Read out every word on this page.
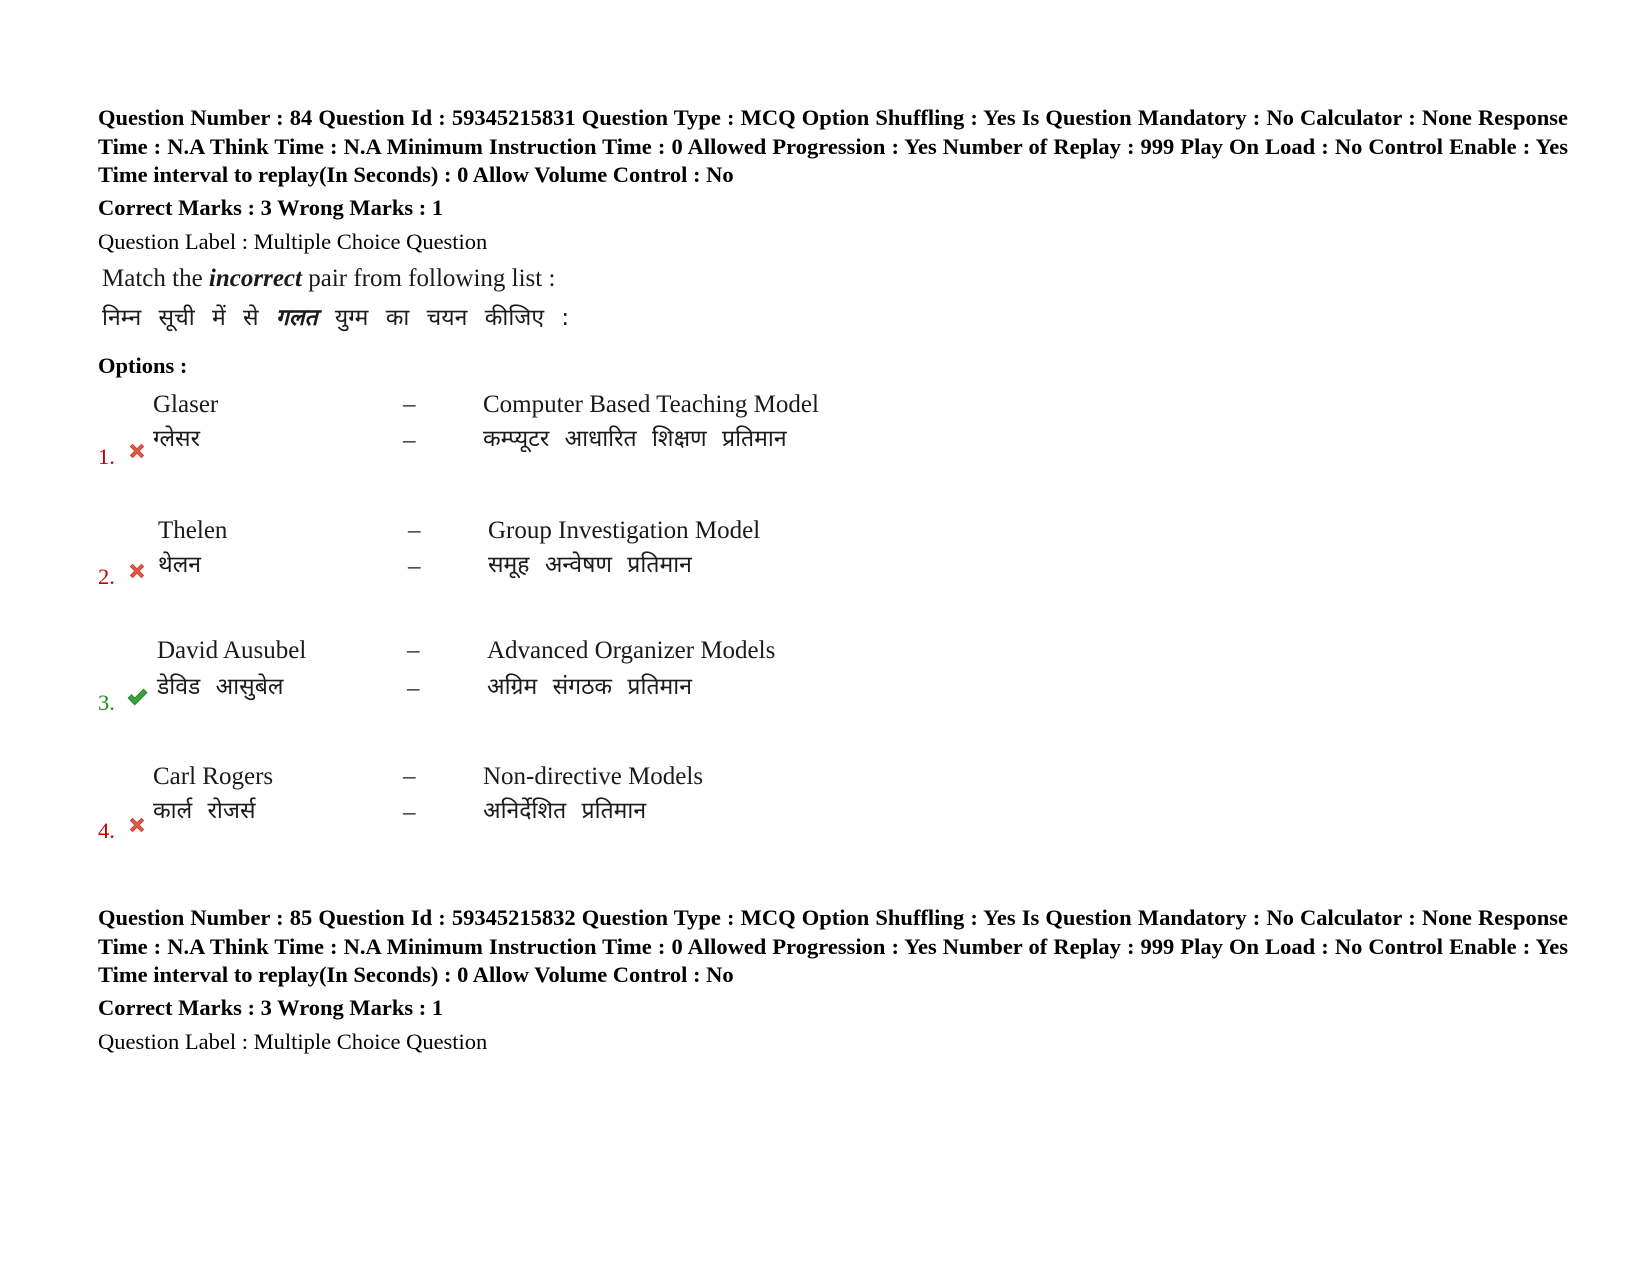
Question Number : 84 Question Id : 59345215831 Question Type : MCQ Option Shuffling : Yes Is Question Mandatory : No Calculator : None Response Time : N.A Think Time : N.A Minimum Instruction Time : 0 Allowed Progression : Yes Number of Replay : 999 Play On Load : No Control Enable : Yes Time interval to replay(In Seconds) : 0 Allow Volume Control : No

Correct Marks : 3 Wrong Marks : 1

Question Label : Multiple Choice Question

Match the incorrect pair from following list :
निम्न सूची में से गलत युग्म का चयन कीजिए :

Options :

Glaser	–	Computer Based Teaching Model
ग्लेसर	–	कम्प्यूटर आधारित शिक्षण प्रतिमान
1.
Thelen	–	Group Investigation Model
थेलन	–	समूह अन्वेषण प्रतिमान
2.
David Ausubel	–	Advanced Organizer Models
डेविड आसुबेल	–	अग्रिम संगठक प्रतिमान
3.
Carl Rogers	–	Non-directive Models
कार्ल रोजर्स	–	अनिर्देशित प्रतिमान
4.

Question Number : 85 Question Id : 59345215832 Question Type : MCQ Option Shuffling : Yes Is Question Mandatory : No Calculator : None Response Time : N.A Think Time : N.A Minimum Instruction Time : 0 Allowed Progression : Yes Number of Replay : 999 Play On Load : No Control Enable : Yes Time interval to replay(In Seconds) : 0 Allow Volume Control : No

Correct Marks : 3 Wrong Marks : 1

Question Label : Multiple Choice Question
